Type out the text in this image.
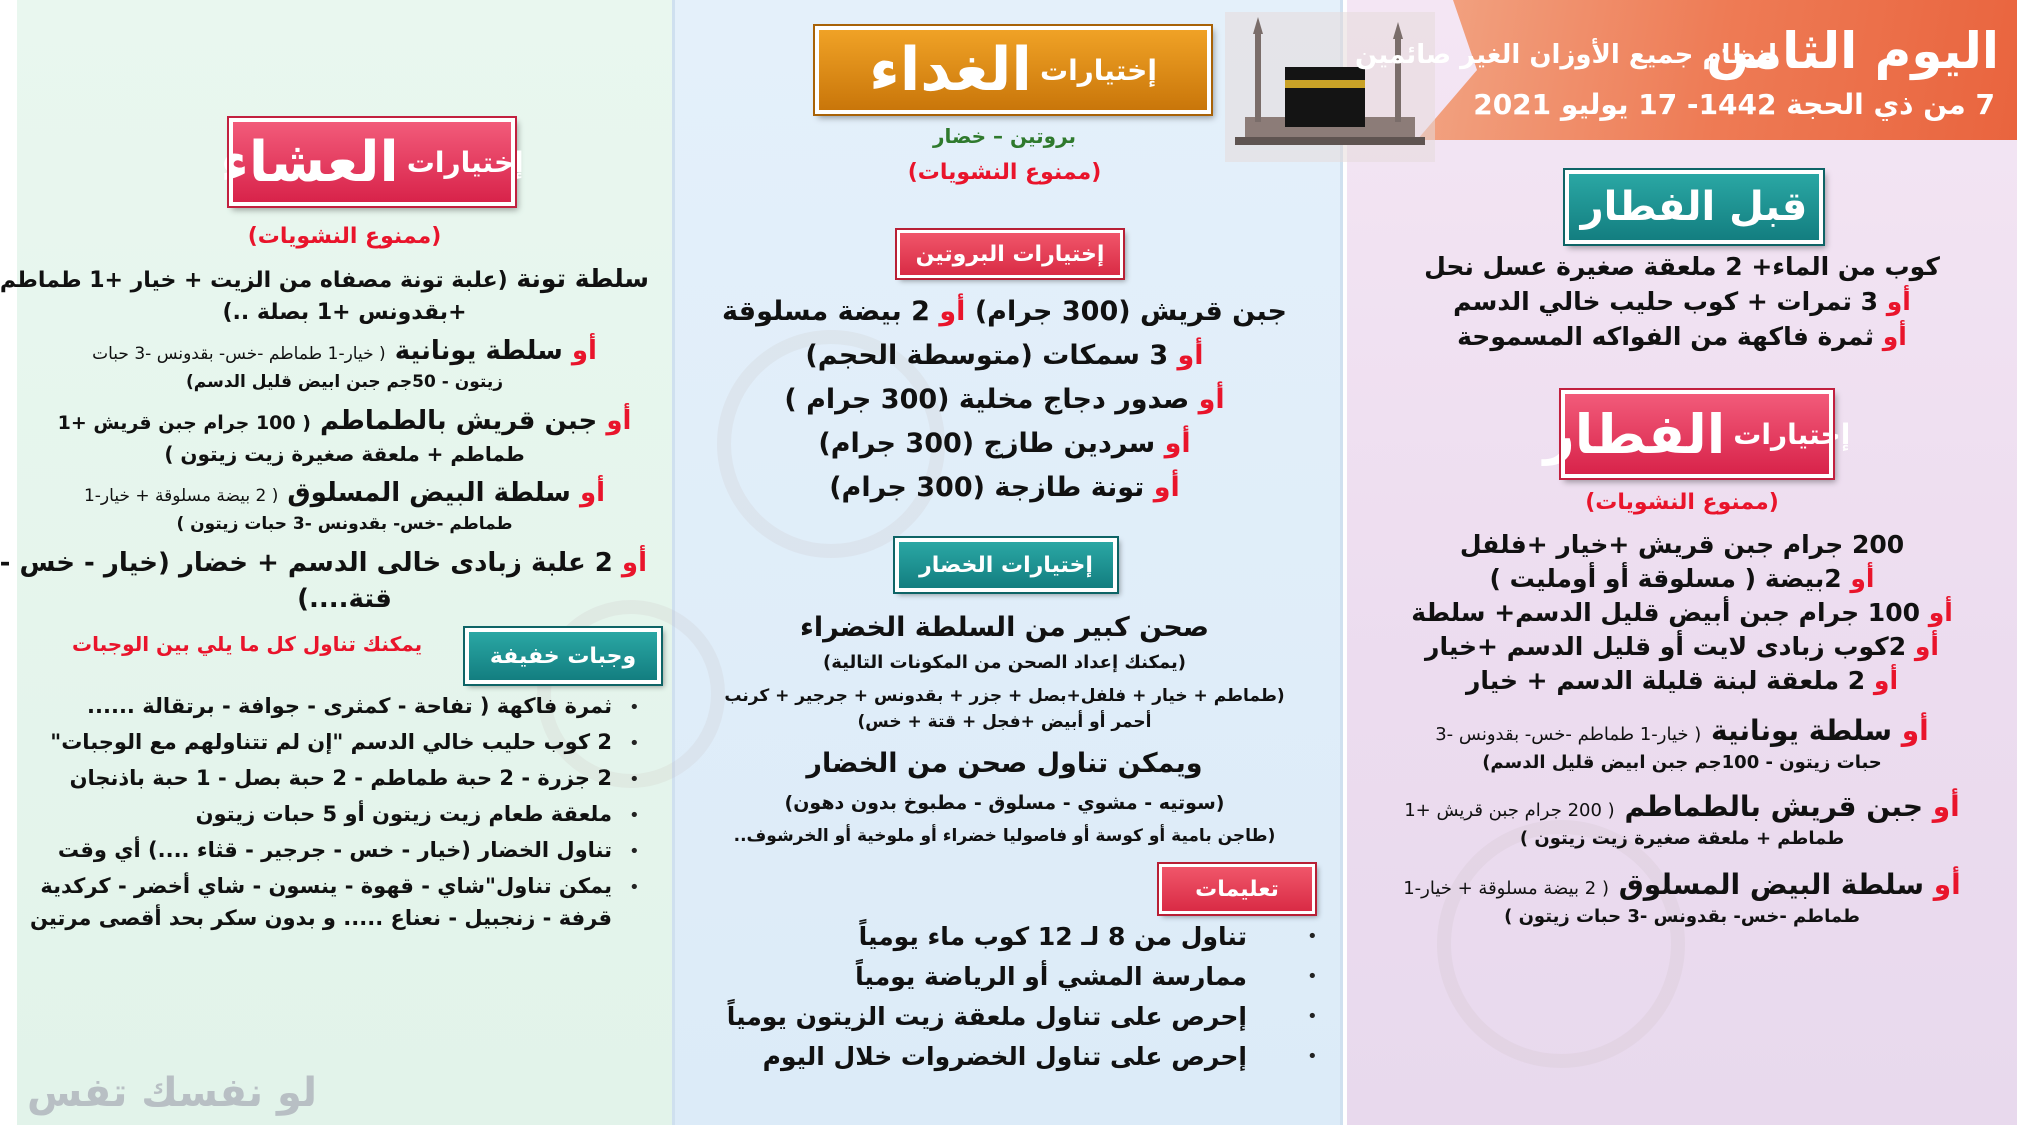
اليوم الثامن
لنظام جميع الأوزان الغير صائمين
7 من ذي الحجة 1442- 17 يوليو 2021
قبل الفطار
كوب من الماء+ 2 ملعقة صغيرة عسل نحل
أو 3 تمرات + كوب حليب خالي الدسم
أو ثمرة فاكهة من الفواكه المسموحة
إختيارات
الفطار
(ممنوع النشويات)
200 جرام جبن قريش +خيار +فلفل
أو 2بيضة ( مسلوقة أو أومليت )
أو 100 جرام جبن أبيض قليل الدسم+ سلطة
أو 2كوب زبادى لايت أو قليل الدسم +خيار
أو 2 ملعقة لبنة قليلة الدسم + خيار
أو سلطة يونانية ( خيار-1 طماطم -خس- بقدونس -3
حبات زيتون - 100جم جبن ابيض قليل الدسم)
أو جبن قريش بالطماطم ( 200 جرام جبن قريش +1
طماطم + ملعقة صغيرة زيت زيتون )
أو سلطة البيض المسلوق ( 2 بيضة مسلوقة + خيار-1
طماطم -خس- بقدونس -3 حبات زيتون )
إختيارات
الغداء
بروتين – خضار
(ممنوع النشويات)
إختيارات البروتين
جبن قريش (300 جرام) أو 2 بيضة مسلوقة
أو 3 سمكات (متوسطة الحجم)
أو صدور دجاج مخلية (300 جرام )
أو سردين طازج (300 جرام)
أو تونة طازجة (300 جرام)
إختيارات الخضار
صحن كبير من السلطة الخضراء
(يمكنك إعداد الصحن من المكونات التالية)
(طماطم + خيار + فلفل+بصل + جزر + بقدونس + جرجير + كرنب
أحمر أو أبيض +فجل + قتة + خس)
ويمكن تناول صحن من الخضار
(سوتيه - مشوي - مسلوق - مطبوخ بدون دهون)
(طاجن بامية أو كوسة أو فاصوليا خضراء أو ملوخية أو الخرشوف..
تعليمات
تناول من 8 لـ 12 كوب ماء يومياً	•
ممارسة المشي أو الرياضة يومياً	•
إحرص على تناول ملعقة زيت الزيتون يومياً	•
إحرص على تناول الخضروات خلال اليوم	•
إختيارات
العشاء
(ممنوع النشويات)
سلطة تونة (علبة تونة مصفاه من الزيت + خيار +1 طماطم
+بقدونس +1 بصلة ..)
أو سلطة يونانية ( خيار-1 طماطم -خس- بقدونس -3 حبات
زيتون - 50جم جبن ابيض قليل الدسم)
أو جبن قريش بالطماطم ( 100 جرام جبن قريش +1
طماطم + ملعقة صغيرة زيت زيتون )
أو سلطة البيض المسلوق ( 2 بيضة مسلوقة + خيار-1
طماطم -خس- بقدونس -3 حبات زيتون )
أو 2 علبة زبادى خالى الدسم + خضار (خيار - خس -
قتة....)
وجبات خفيفة
يمكنك تناول كل ما يلي بين الوجبات
ثمرة فاكهة ( تفاحة - كمثرى - جوافة - برتقالة ...... •
2 كوب حليب خالي الدسم "إن لم تتناولهم مع الوجبات" •
2 جزرة - 2 حبة طماطم - 2 حبة بصل - 1 حبة باذنجان •
ملعقة طعام زيت زيتون أو 5 حبات زيتون •
تناول الخضار (خيار - خس - جرجير - قثاء ....) أي وقت •
يمكن تناول"شاي - قهوة - ينسون - شاي أخضر - كركدية •
قرفة - زنجبيل - نعناع ..... و بدون سكر بحد أقصى مرتين
لو نفسك تفس
